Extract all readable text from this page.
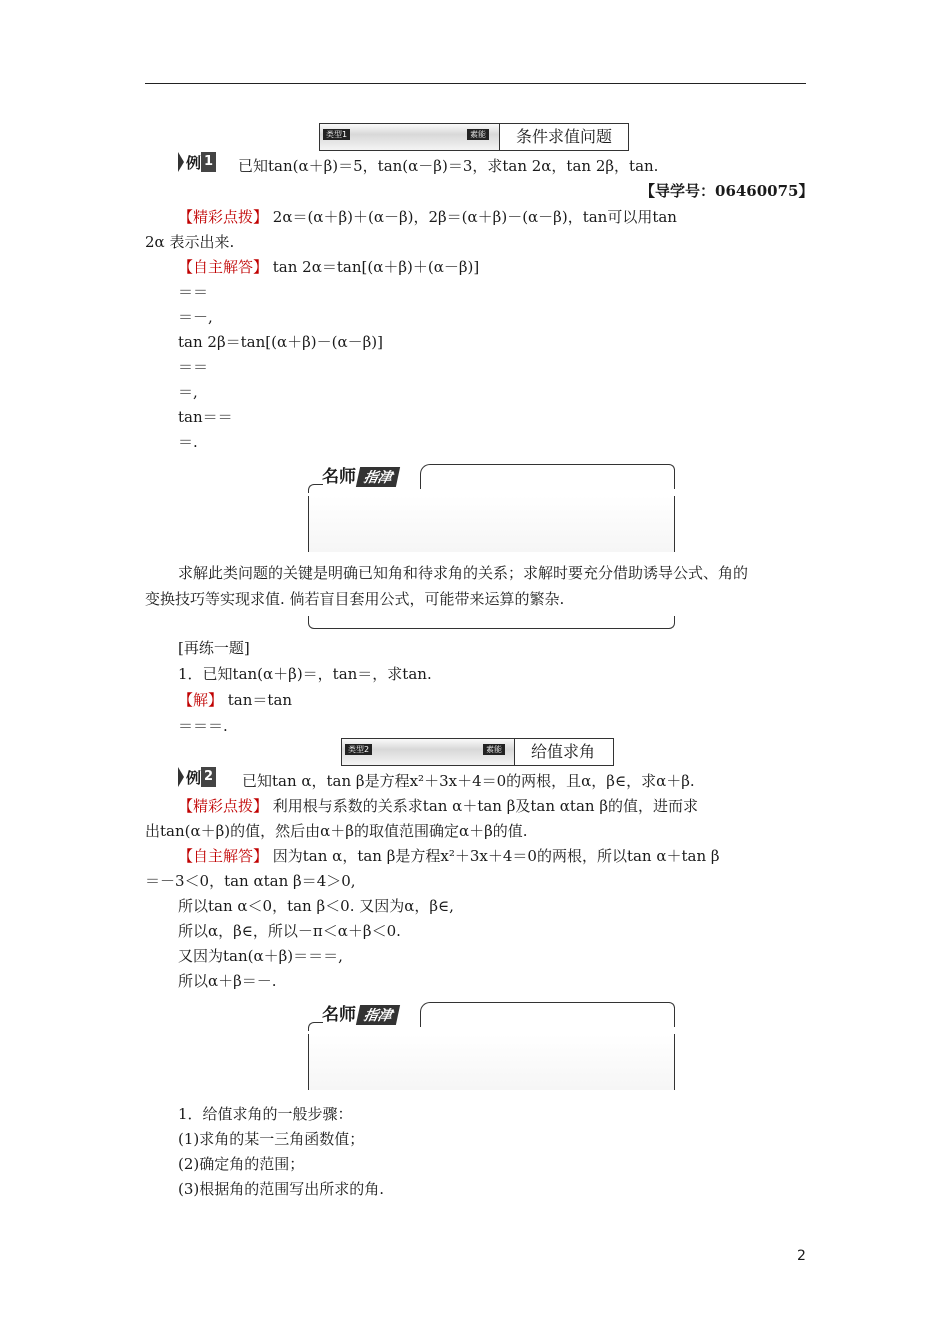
类型1	素能	条件求值问题
例 1 已知tan(α＋β)＝5，tan(α－β)＝3，求tan 2α，tan 2β，tan.
【导学号：06460075】
【精彩点拨】 2α＝(α＋β)＋(α－β)，2β＝(α＋β)－(α－β)，tan可以用tan
2α 表示出来.
【自主解答】 tan 2α＝tan[(α＋β)＋(α－β)]
＝＝
＝－,
tan 2β＝tan[(α＋β)－(α－β)]
＝＝
＝,
tan＝＝
＝.
名师 指津
求解此类问题的关键是明确已知角和待求角的关系；求解时要充分借助诱导公式、角的
变换技巧等实现求值. 倘若盲目套用公式，可能带来运算的繁杂.
[再练一题]
1．已知tan(α＋β)＝，tan＝，求tan.
【解】 tan＝tan
＝＝＝.
类型2	素能	给值求角
例 2 已知tan α，tan β是方程x²＋3x＋4＝0的两根，且α，β∈，求α＋β.
【精彩点拨】 利用根与系数的关系求tan α＋tan β及tan αtan β的值，进而求
出tan(α＋β)的值，然后由α＋β的取值范围确定α＋β的值.
【自主解答】 因为tan α，tan β是方程x²＋3x＋4＝0的两根，所以tan α＋tan β
＝－3＜0，tan αtan β＝4＞0,
所以tan α＜0，tan β＜0. 又因为α，β∈,
所以α，β∈，所以－π＜α＋β＜0.
又因为tan(α＋β)＝＝＝,
所以α＋β＝－.
名师 指津
1．给值求角的一般步骤：
(1)求角的某一三角函数值；
(2)确定角的范围；
(3)根据角的范围写出所求的角.
2
